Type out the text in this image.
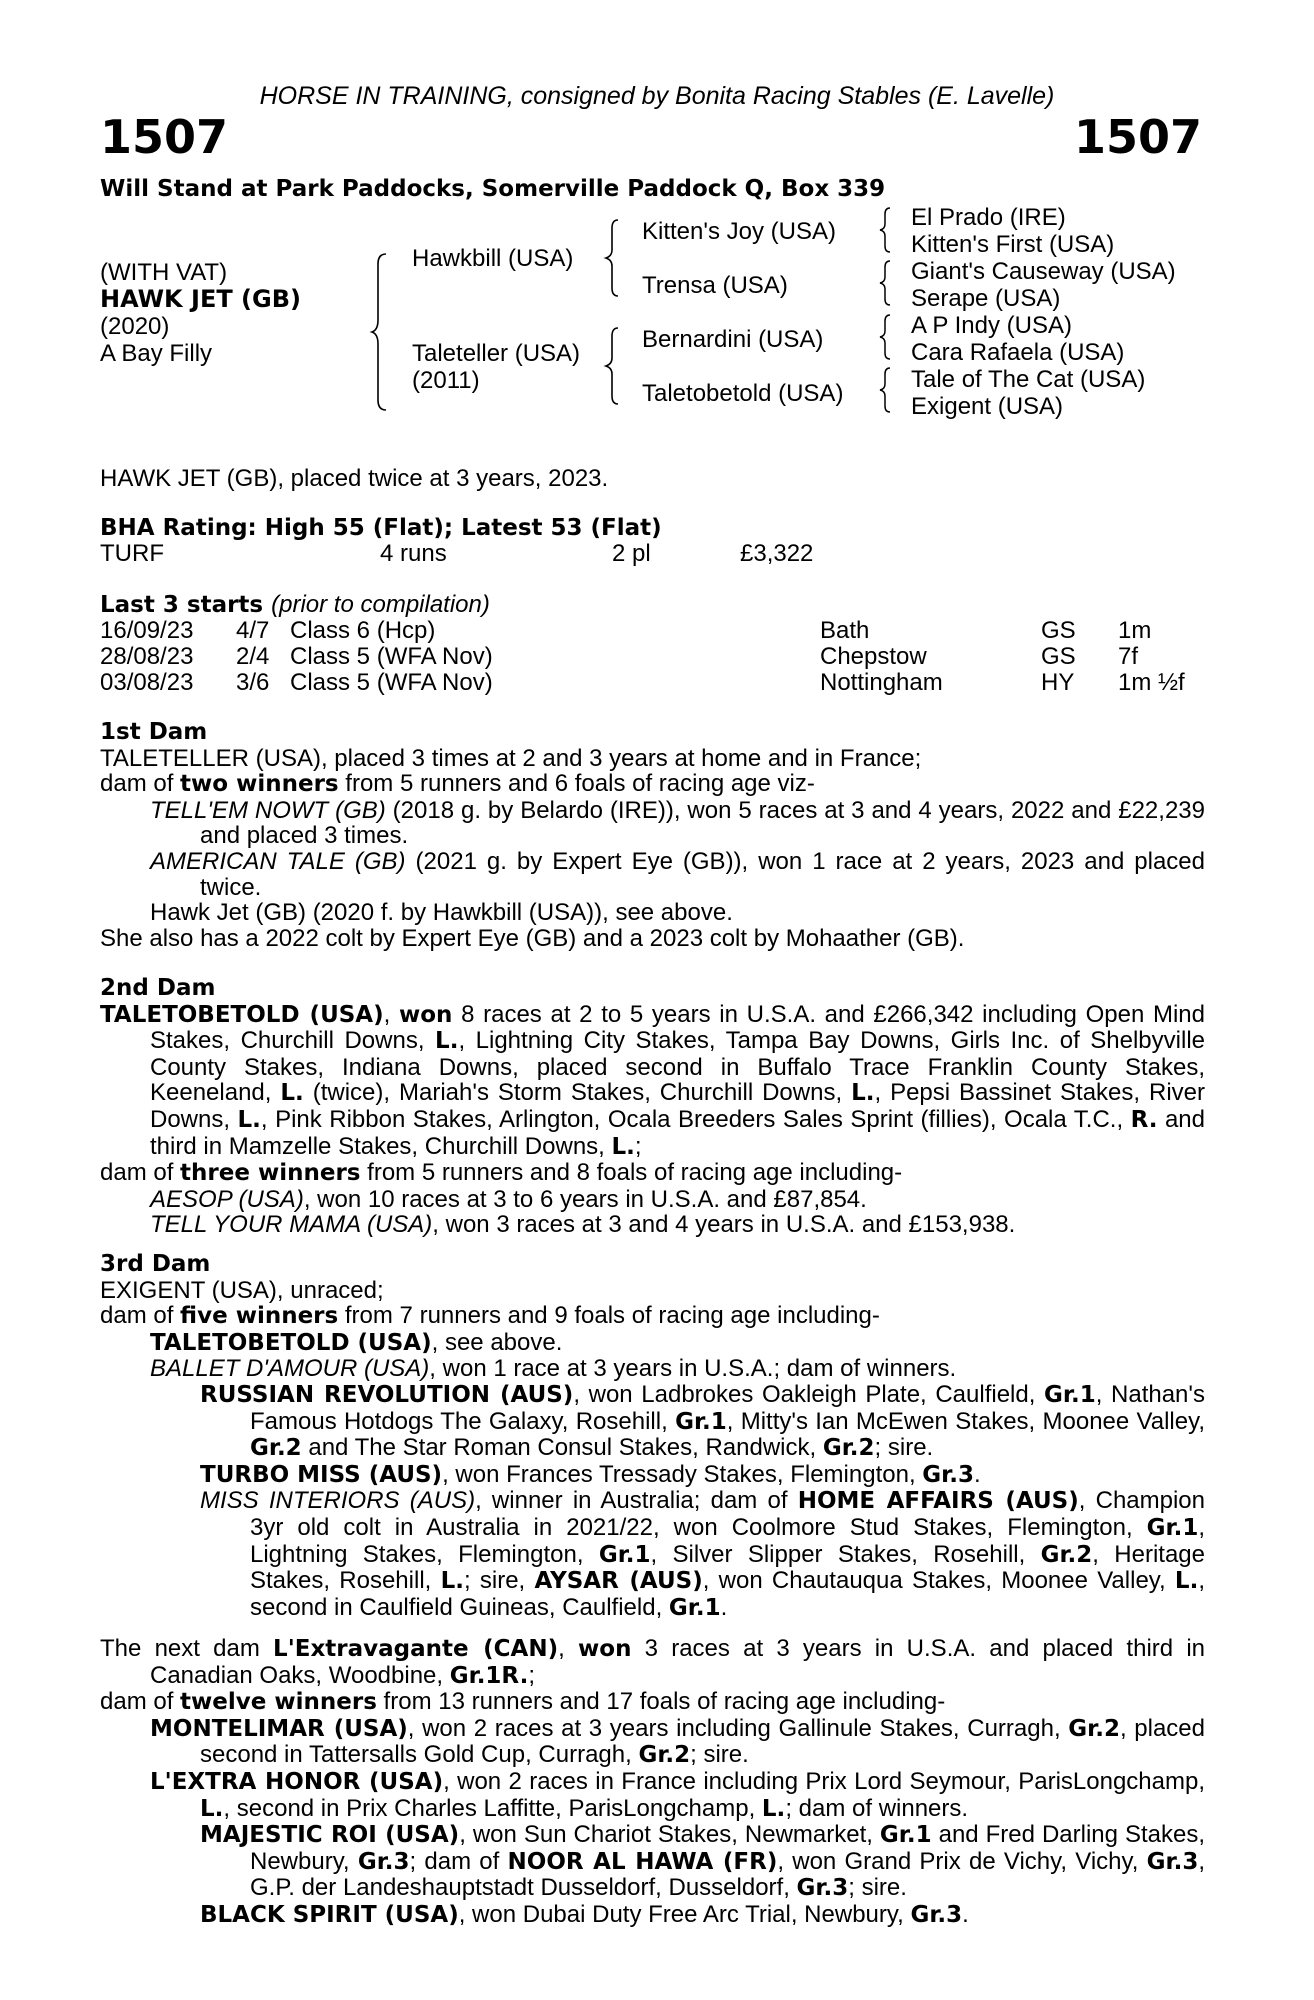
HORSE IN TRAINING, consigned by Bonita Racing Stables (E. Lavelle)
1507	1507
Will Stand at Park Paddocks, Somerville Paddock Q, Box 339
(WITH VAT)
HAWK JET (GB)
(2020)
A Bay Filly
Hawkbill (USA)
Taleteller (USA)
(2011)
Kitten's Joy (USA)
Trensa (USA)
Bernardini (USA)
Taletobetold (USA)
El Prado (IRE)
Kitten's First (USA)
Giant's Causeway (USA)
Serape (USA)
A P Indy (USA)
Cara Rafaela (USA)
Tale of The Cat (USA)
Exigent (USA)
HAWK JET (GB), placed twice at 3 years, 2023.
BHA Rating: High 55 (Flat); Latest 53 (Flat)
TURF	4 runs	2 pl	£3,322
Last 3 starts (prior to compilation)
16/09/23 4/7 Class 6 (Hcp)	Bath	GS 1m
28/08/23 2/4 Class 5 (WFA Nov)	Chepstow	GS 7f
03/08/23 3/6 Class 5 (WFA Nov)	Nottingham	HY 1m ½f

1st Dam

TALETELLER (USA), placed 3 times at 2 and 3 years at home and in France;

dam of two winners from 5 runners and 6 foals of racing age viz-

TELL'EM NOWT (GB) (2018 g. by Belardo (IRE)), won 5 races at 3 and 4 years, 2022 and £22,239 and placed 3 times.

AMERICAN TALE (GB) (2021 g. by Expert Eye (GB)), won 1 race at 2 years, 2023 and placed twice.

Hawk Jet (GB) (2020 f. by Hawkbill (USA)), see above.

She also has a 2022 colt by Expert Eye (GB) and a 2023 colt by Mohaather (GB).

2nd Dam

TALETOBETOLD (USA), won 8 races at 2 to 5 years in U.S.A. and £266,342 including Open Mind Stakes, Churchill Downs, L., Lightning City Stakes, Tampa Bay Downs, Girls Inc. of Shelbyville County Stakes, Indiana Downs, placed second in Buffalo Trace Franklin County Stakes, Keeneland, L. (twice), Mariah's Storm Stakes, Churchill Downs, L., Pepsi Bassinet Stakes, River Downs, L., Pink Ribbon Stakes, Arlington, Ocala Breeders Sales Sprint (fillies), Ocala T.C., R. and third in Mamzelle Stakes, Churchill Downs, L.;

dam of three winners from 5 runners and 8 foals of racing age including-

AESOP (USA), won 10 races at 3 to 6 years in U.S.A. and £87,854.

TELL YOUR MAMA (USA), won 3 races at 3 and 4 years in U.S.A. and £153,938.

3rd Dam

EXIGENT (USA), unraced;

dam of five winners from 7 runners and 9 foals of racing age including-

TALETOBETOLD (USA), see above.

BALLET D'AMOUR (USA), won 1 race at 3 years in U.S.A.; dam of winners.

RUSSIAN REVOLUTION (AUS), won Ladbrokes Oakleigh Plate, Caulfield, Gr.1, Nathan's Famous Hotdogs The Galaxy, Rosehill, Gr.1, Mitty's Ian McEwen Stakes, Moonee Valley, Gr.2 and The Star Roman Consul Stakes, Randwick, Gr.2; sire.

TURBO MISS (AUS), won Frances Tressady Stakes, Flemington, Gr.3.

MISS INTERIORS (AUS), winner in Australia; dam of HOME AFFAIRS (AUS), Champion 3yr old colt in Australia in 2021/22, won Coolmore Stud Stakes, Flemington, Gr.1, Lightning Stakes, Flemington, Gr.1, Silver Slipper Stakes, Rosehill, Gr.2, Heritage Stakes, Rosehill, L.; sire, AYSAR (AUS), won Chautauqua Stakes, Moonee Valley, L., second in Caulfield Guineas, Caulfield, Gr.1.

The next dam L'Extravagante (CAN), won 3 races at 3 years in U.S.A. and placed third in Canadian Oaks, Woodbine, Gr.1R.;

dam of twelve winners from 13 runners and 17 foals of racing age including-

MONTELIMAR (USA), won 2 races at 3 years including Gallinule Stakes, Curragh, Gr.2, placed second in Tattersalls Gold Cup, Curragh, Gr.2; sire.

L'EXTRA HONOR (USA), won 2 races in France including Prix Lord Seymour, ParisLongchamp, L., second in Prix Charles Laffitte, ParisLongchamp, L.; dam of winners.

MAJESTIC ROI (USA), won Sun Chariot Stakes, Newmarket, Gr.1 and Fred Darling Stakes, Newbury, Gr.3; dam of NOOR AL HAWA (FR), won Grand Prix de Vichy, Vichy, Gr.3, G.P. der Landeshauptstadt Dusseldorf, Dusseldorf, Gr.3; sire.

BLACK SPIRIT (USA), won Dubai Duty Free Arc Trial, Newbury, Gr.3.
